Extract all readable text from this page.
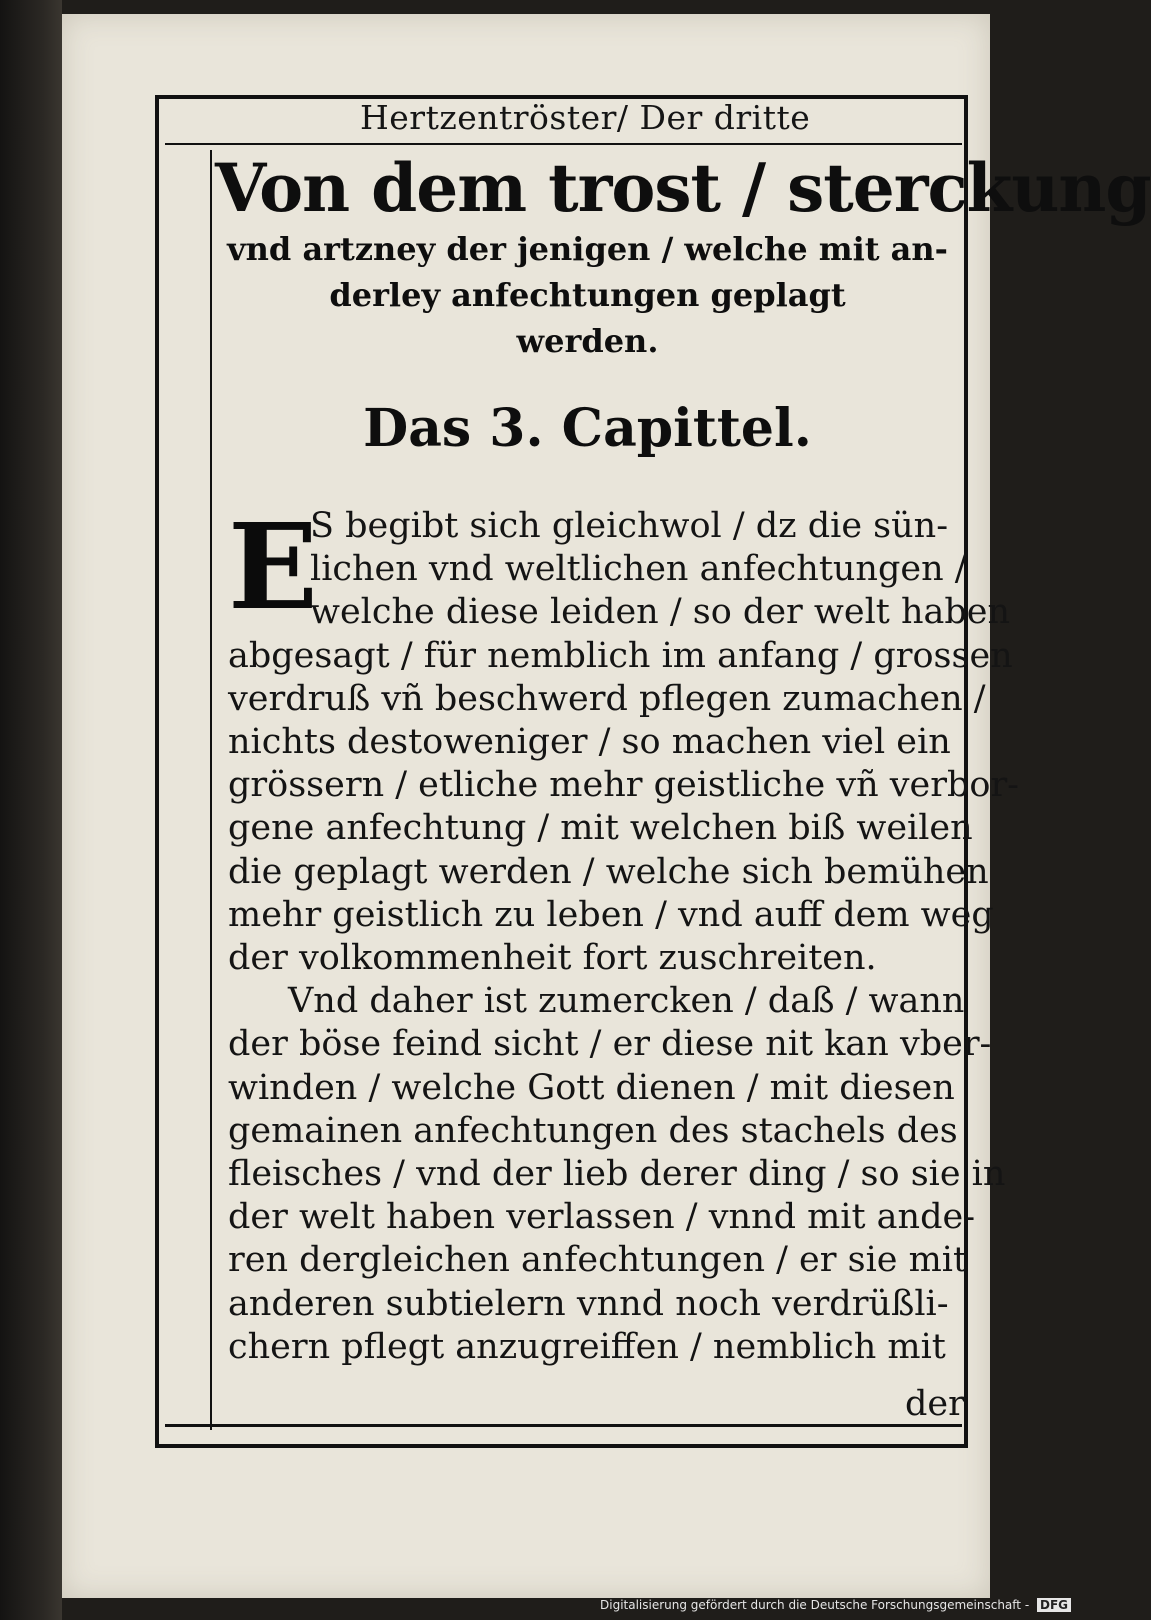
Hertzentröster/ Der dritte
Von dem trost / sterckung
vnd artzney der jenigen / welche mit an-
derley anfechtungen geplagt
werden.
Das 3. Capittel.
E
S begibt sich gleichwol / dz die sün-
lichen vnd weltlichen anfechtungen /
welche diese leiden / so der welt haben
abgesagt / für nemblich im anfang / grossen
verdruß vñ beschwerd pflegen zumachen /
nichts destoweniger / so machen viel ein
grössern / etliche mehr geistliche vñ verbor-
gene anfechtung / mit welchen biß weilen
die geplagt werden / welche sich bemühen
mehr geistlich zu leben / vnd auff dem weg
der volkommenheit fort zuschreiten.
Vnd daher ist zumercken / daß / wann
der böse feind sicht / er diese nit kan vber-
winden / welche Gott dienen / mit diesen
gemainen anfechtungen des stachels des
fleisches / vnd der lieb derer ding / so sie in
der welt haben verlassen / vnnd mit ande-
ren dergleichen anfechtungen / er sie mit
anderen subtielern vnnd noch verdrüßli-
chern pflegt anzugreiffen / nemblich mit
der
Digitalisierung gefördert durch die Deutsche Forschungsgemeinschaft - DFG
